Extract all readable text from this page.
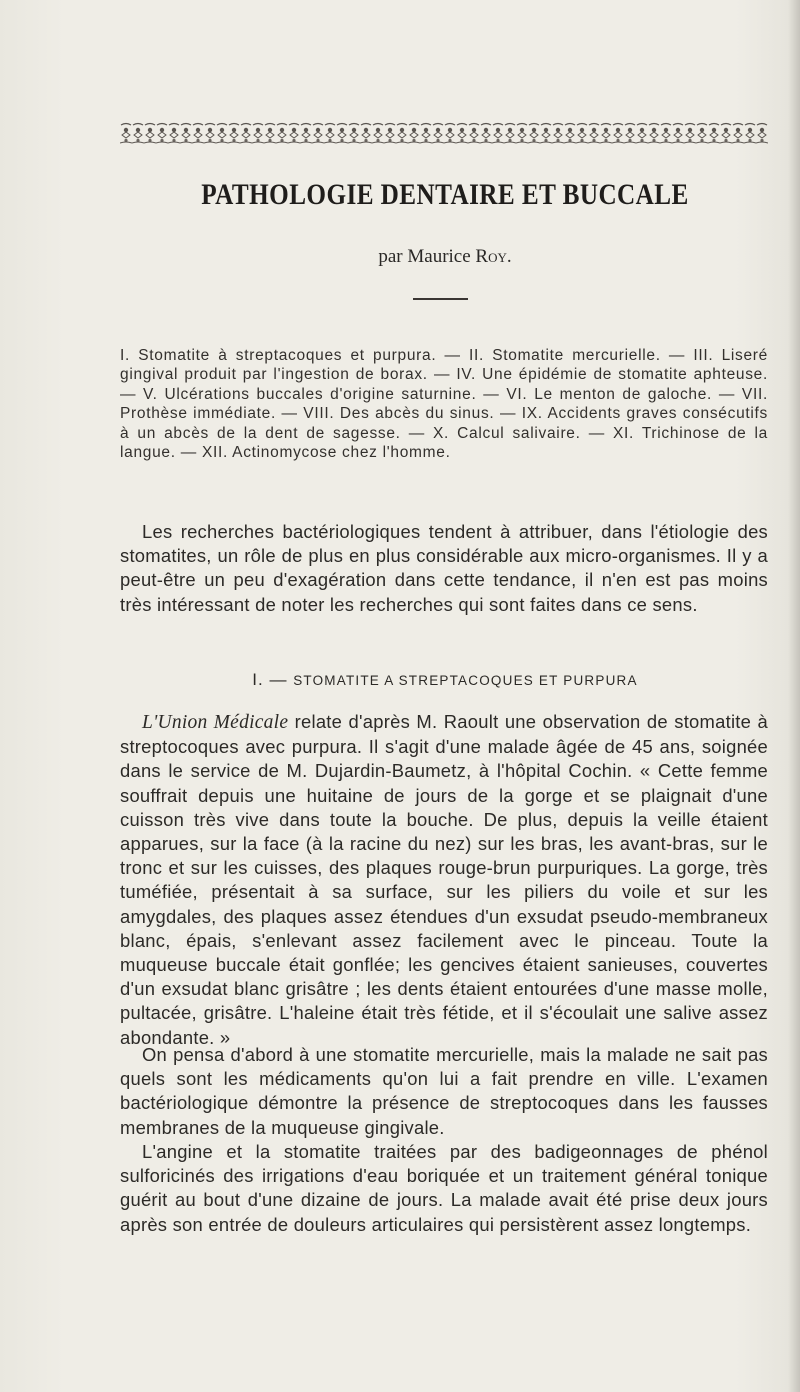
PATHOLOGIE DENTAIRE ET BUCCALE
par Maurice Roy.
I. Stomatite à streptacoques et purpura. — II. Stomatite mercurielle. — III. Liseré gingival produit par l'ingestion de borax. — IV. Une épidémie de stomatite aphteuse. — V. Ulcérations buccales d'origine saturnine. — VI. Le menton de galoche. — VII. Prothèse immédiate. — VIII. Des abcès du sinus. — IX. Accidents graves consécutifs à un abcès de la dent de sagesse. — X. Calcul salivaire. — XI. Trichinose de la langue. — XII. Actinomycose chez l'homme.
Les recherches bactériologiques tendent à attribuer, dans l'étiologie des stomatites, un rôle de plus en plus considérable aux micro-organismes. Il y a peut-être un peu d'exagération dans cette tendance, il n'en est pas moins très intéressant de noter les recherches qui sont faites dans ce sens.
I. — STOMATITE A STREPTACOQUES ET PURPURA
L'Union Médicale relate d'après M. Raoult une observation de stomatite à streptocoques avec purpura. Il s'agit d'une malade âgée de 45 ans, soignée dans le service de M. Dujardin-Baumetz, à l'hôpital Cochin. « Cette femme souffrait depuis une huitaine de jours de la gorge et se plaignait d'une cuisson très vive dans toute la bouche. De plus, depuis la veille étaient apparues, sur la face (à la racine du nez) sur les bras, les avant-bras, sur le tronc et sur les cuisses, des plaques rouge-brun purpuriques. La gorge, très tuméfiée, présentait à sa surface, sur les piliers du voile et sur les amygdales, des plaques assez étendues d'un exsudat pseudo-membraneux blanc, épais, s'enlevant assez facilement avec le pinceau. Toute la muqueuse buccale était gonflée; les gencives étaient sanieuses, couvertes d'un exsudat blanc grisâtre ; les dents étaient entourées d'une masse molle, pultacée, grisâtre. L'haleine était très fétide, et il s'écoulait une salive assez abondante. »
On pensa d'abord à une stomatite mercurielle, mais la malade ne sait pas quels sont les médicaments qu'on lui a fait prendre en ville. L'examen bactériologique démontre la présence de streptocoques dans les fausses membranes de la muqueuse gingivale.
L'angine et la stomatite traitées par des badigeonnages de phénol sulforicinés des irrigations d'eau boriquée et un traitement général tonique guérit au bout d'une dizaine de jours. La malade avait été prise deux jours après son entrée de douleurs articulaires qui persistèrent assez longtemps.
